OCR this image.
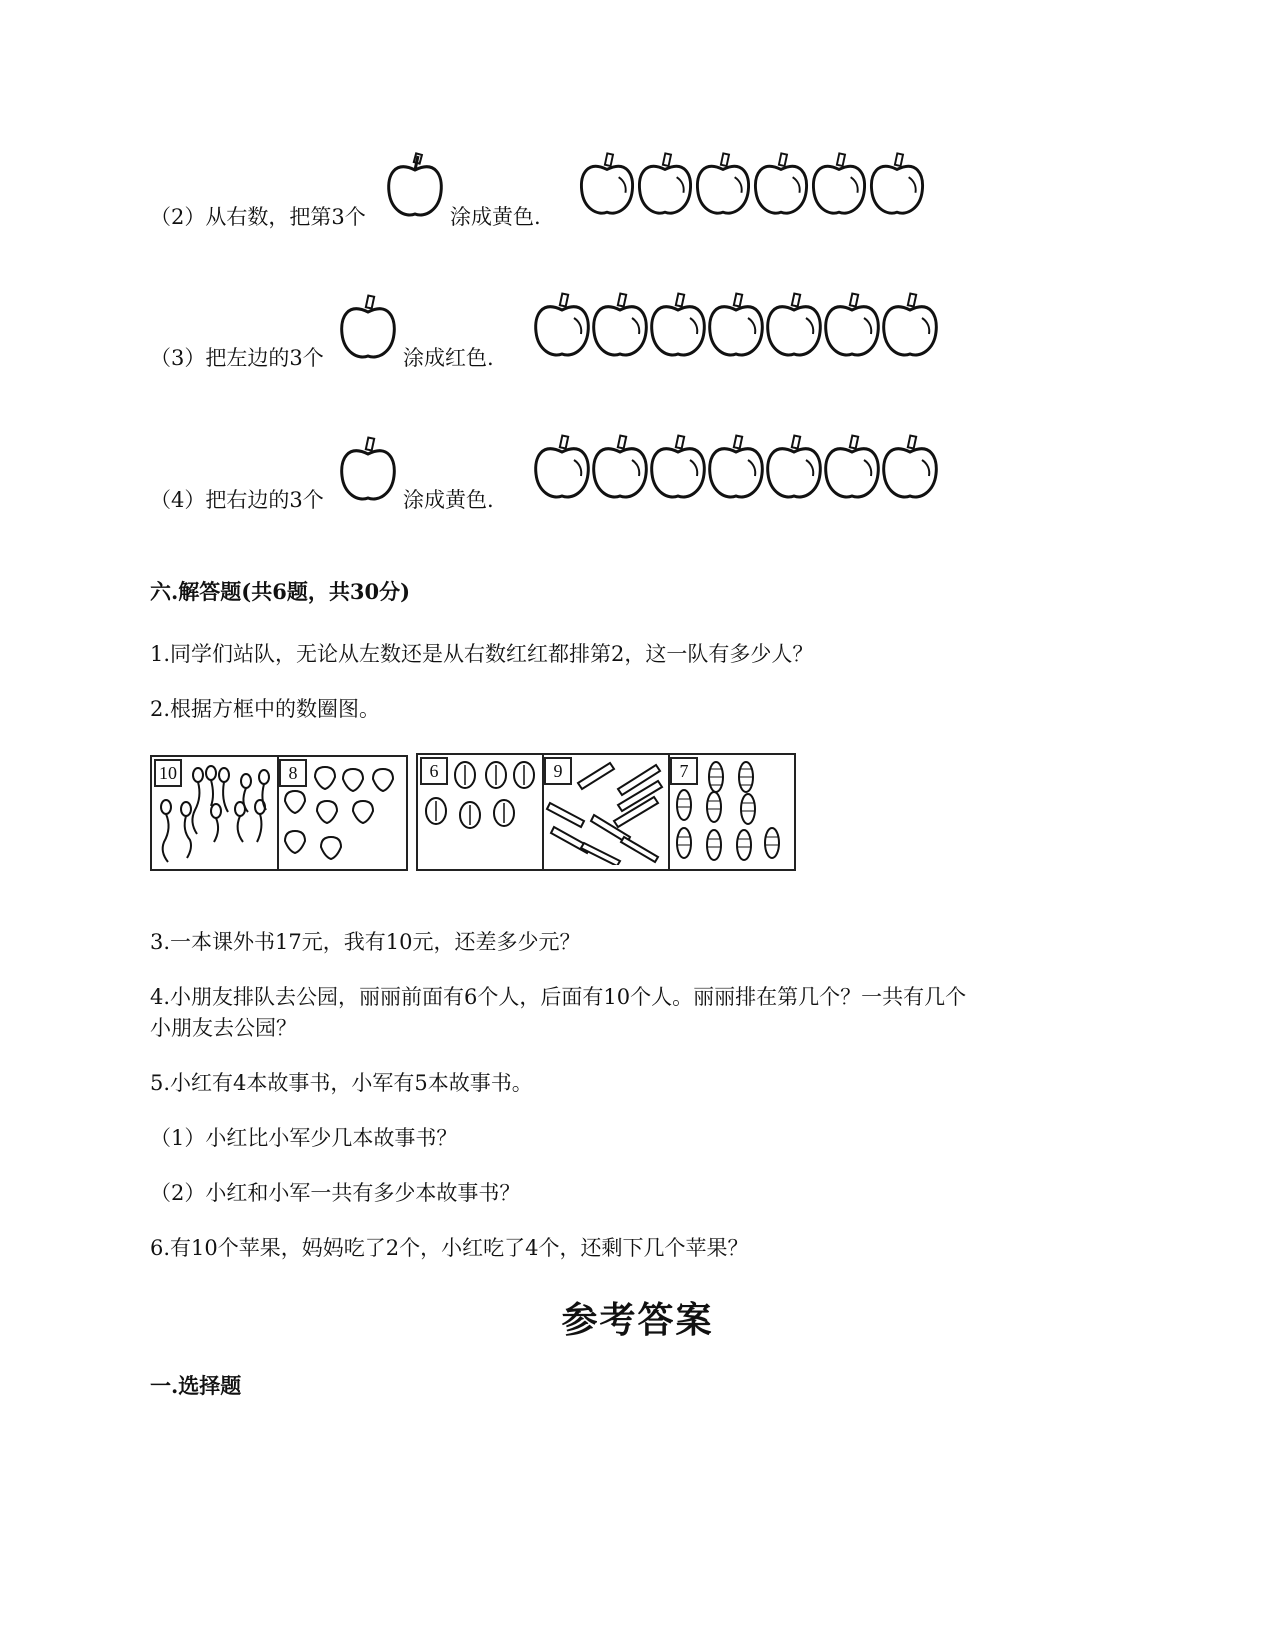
（2）从右数，把第3个	涂成黄色.
（3）把左边的3个	涂成红色.
（4）把右边的3个	涂成黄色.
六.解答题(共6题，共30分)
1.同学们站队，无论从左数还是从右数红红都排第2，这一队有多少人？
2.根据方框中的数圈图。
10	8	6	9	7
3.一本课外书17元，我有10元，还差多少元？
4.小朋友排队去公园，丽丽前面有6个人，后面有10个人。丽丽排在第几个？一共有几个
小朋友去公园？
5.小红有4本故事书，小军有5本故事书。
（1）小红比小军少几本故事书？
（2）小红和小军一共有多少本故事书？
6.有10个苹果，妈妈吃了2个，小红吃了4个，还剩下几个苹果？
参考答案
一.选择题
